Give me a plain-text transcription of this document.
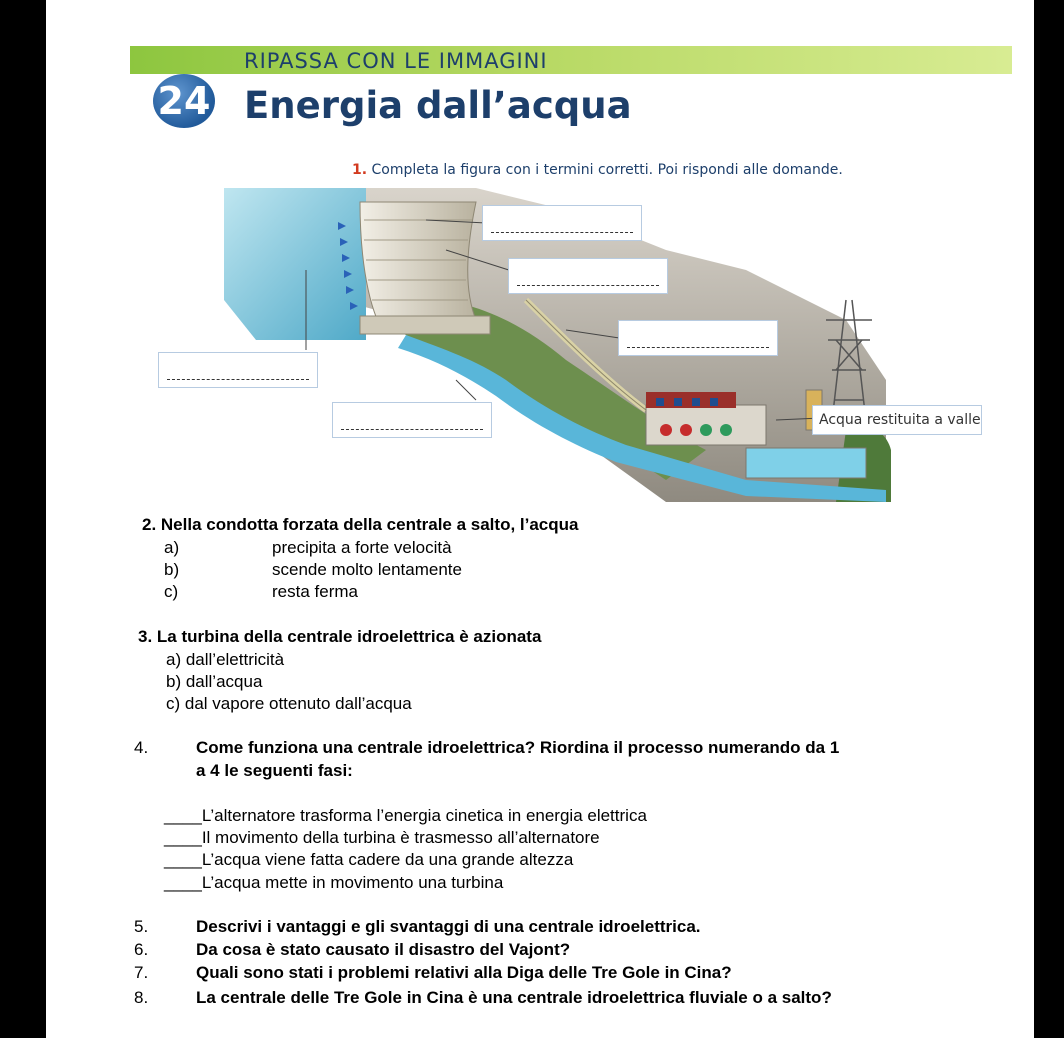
RIPASSA CON LE IMMAGINI
24 Energia dall’acqua
1. Completa la figura con i termini corretti. Poi rispondi alle domande.
Acqua restituita a valle
2. Nella condotta forzata della centrale a salto, l’acqua
a)	precipita a forte velocità
b)	scende molto lentamente
c)	resta ferma
3. La turbina della centrale idroelettrica è azionata
a) dall’elettricità
b) dall’acqua
c) dal vapore ottenuto dall’acqua
4.	Come funziona una centrale idroelettrica? Riordina il processo numerando da 1
a 4 le seguenti fasi:
____L’alternatore trasforma l’energia cinetica in energia elettrica
____Il movimento della turbina è trasmesso all’alternatore
____L’acqua viene fatta cadere da una grande altezza
____L’acqua mette in movimento una turbina
5.	Descrivi i vantaggi e gli svantaggi di una centrale idroelettrica.
6.	Da cosa è stato causato il disastro del Vajont?
7.	Quali sono stati i problemi relativi alla Diga delle Tre Gole in Cina?
8.	La centrale delle Tre Gole in Cina è una centrale idroelettrica fluviale o a salto?
